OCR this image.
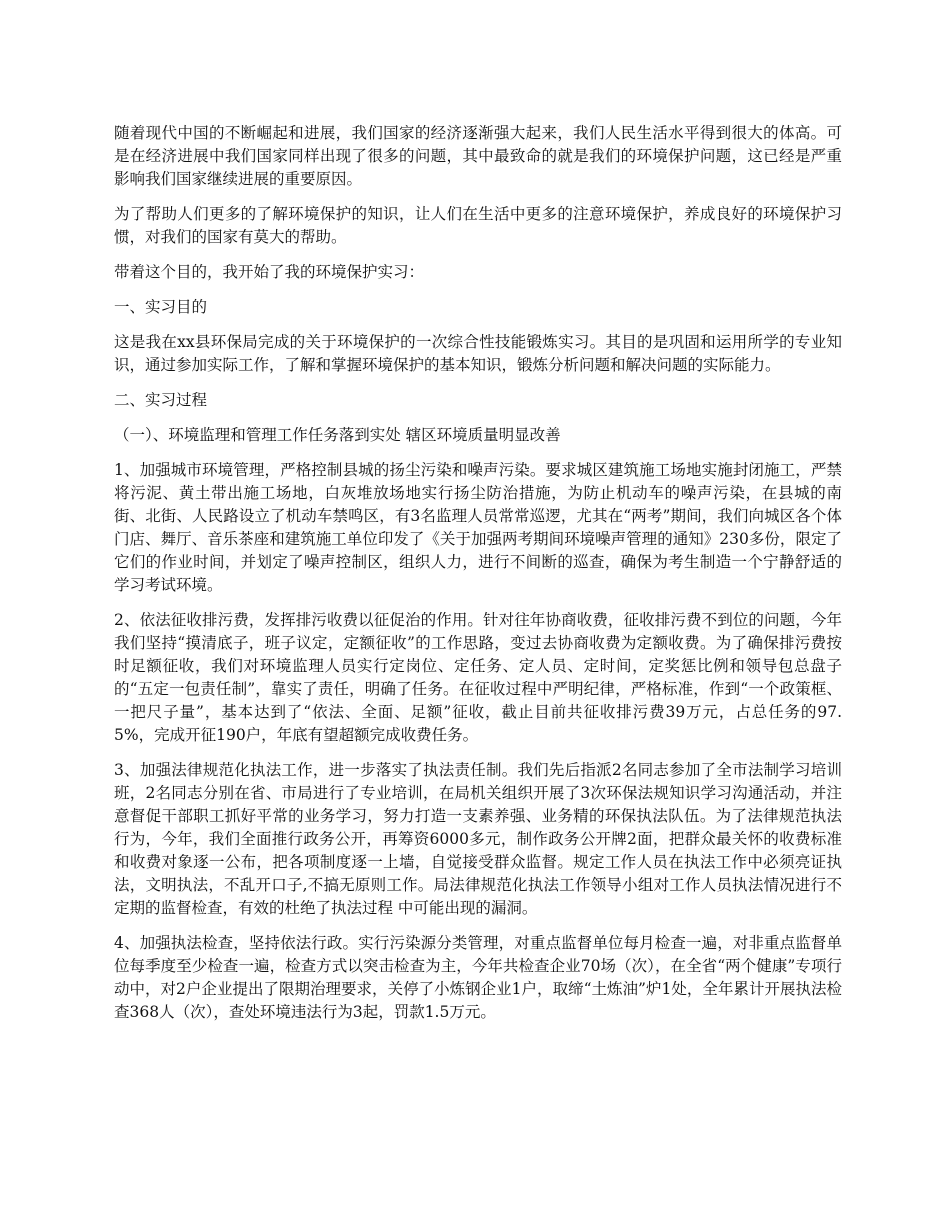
随着现代中国的不断崛起和进展，我们国家的经济逐渐强大起来，我们人民生活水平得到很大的体高。可是在经济进展中我们国家同样出现了很多的问题，其中最致命的就是我们的环境保护问题，这已经是严重影响我们国家继续进展的重要原因。

为了帮助人们更多的了解环境保护的知识，让人们在生活中更多的注意环境保护，养成良好的环境保护习惯，对我们的国家有莫大的帮助。

带着这个目的，我开始了我的环境保护实习：

一、实习目的

这是我在xx县环保局完成的关于环境保护的一次综合性技能锻炼实习。其目的是巩固和运用所学的专业知识，通过参加实际工作，了解和掌握环境保护的基本知识，锻炼分析问题和解决问题的实际能力。

二、实习过程

（一）、环境监理和管理工作任务落到实处 辖区环境质量明显改善

1、加强城市环境管理，严格控制县城的扬尘污染和噪声污染。要求城区建筑施工场地实施封闭施工，严禁将污泥、黄土带出施工场地，白灰堆放场地实行扬尘防治措施，为防止机动车的噪声污染，在县城的南街、北街、人民路设立了机动车禁鸣区，有3名监理人员常常巡逻，尤其在“两考”期间，我们向城区各个体门店、舞厅、音乐茶座和建筑施工单位印发了《关于加强两考期间环境噪声管理的通知》230多份，限定了它们的作业时间，并划定了噪声控制区，组织人力，进行不间断的巡查，确保为考生制造一个宁静舒适的学习考试环境。

2、依法征收排污费，发挥排污收费以征促治的作用。针对往年协商收费，征收排污费不到位的问题，今年我们坚持“摸清底子，班子议定，定额征收”的工作思路，变过去协商收费为定额收费。为了确保排污费按时足额征收，我们对环境监理人员实行定岗位、定任务、定人员、定时间，定奖惩比例和领导包总盘子的“五定一包责任制”，靠实了责任，明确了任务。在征收过程中严明纪律，严格标准，作到“一个政策框、一把尺子量”，基本达到了“依法、全面、足额”征收，截止目前共征收排污费39万元，占总任务的97.5%，完成开征190户，年底有望超额完成收费任务。

3、加强法律规范化执法工作，进一步落实了执法责任制。我们先后指派2名同志参加了全市法制学习培训班，2名同志分别在省、市局进行了专业培训，在局机关组织开展了3次环保法规知识学习沟通活动，并注意督促干部职工抓好平常的业务学习，努力打造一支素养强、业务精的环保执法队伍。为了法律规范执法行为，今年，我们全面推行政务公开，再筹资6000多元，制作政务公开牌2面，把群众最关怀的收费标准和收费对象逐一公布，把各项制度逐一上墙，自觉接受群众监督。规定工作人员在执法工作中必须亮证执法，文明执法，不乱开口子,不搞无原则工作。局法律规范化执法工作领导小组对工作人员执法情况进行不定期的监督检查，有效的杜绝了执法过程 中可能出现的漏洞。

4、加强执法检查，坚持依法行政。实行污染源分类管理，对重点监督单位每月检查一遍，对非重点监督单位每季度至少检查一遍，检查方式以突击检查为主，今年共检查企业70场（次），在全省“两个健康”专项行动中，对2户企业提出了限期治理要求，关停了小炼钢企业1户，取缔“土炼油”炉1处，全年累计开展执法检查368人（次），查处环境违法行为3起，罚款1.5万元。
